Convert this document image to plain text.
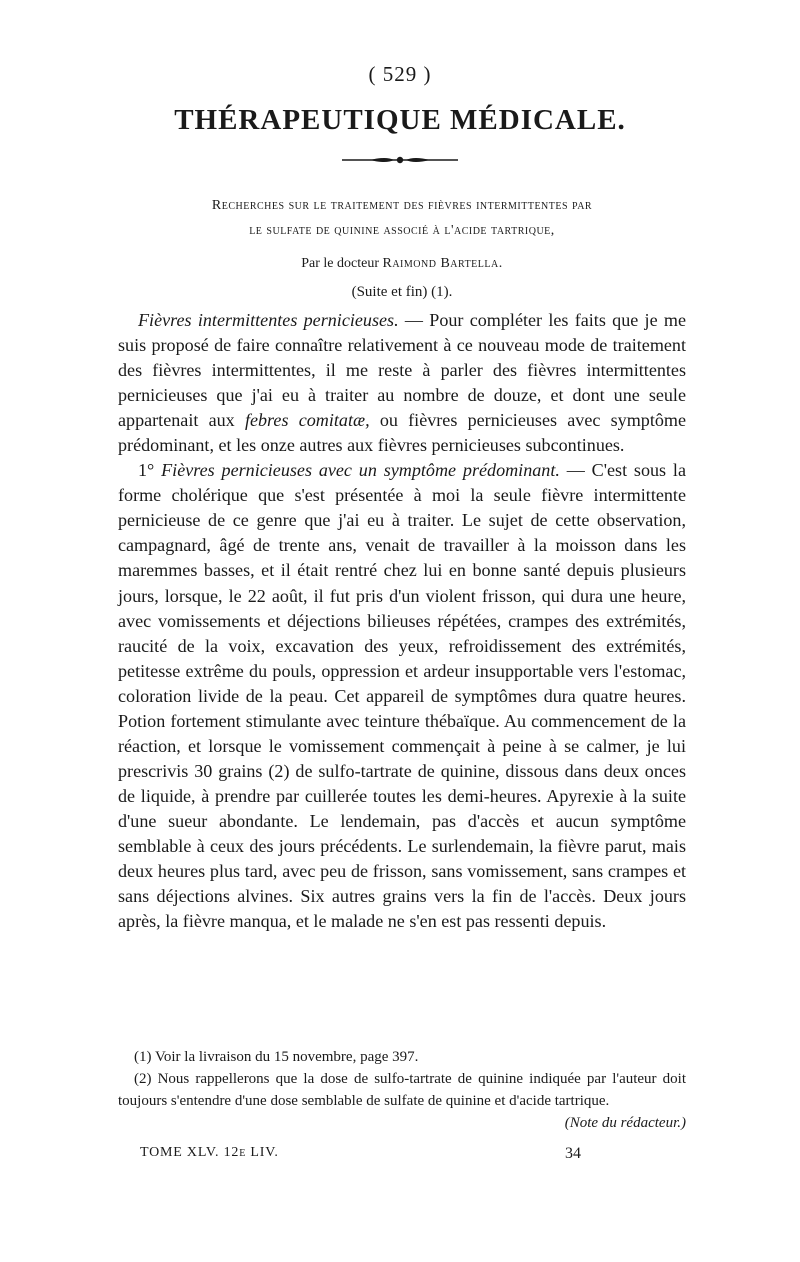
( 529 )
THÉRAPEUTIQUE MÉDICALE.
Recherches sur le traitement des fièvres intermittentes par
le sulfate de quinine associé à l'acide tartrique,
Par le docteur Raimond Bartella.
(Suite et fin) (1).

Fièvres intermittentes pernicieuses. — Pour compléter les faits que je me suis proposé de faire connaître relativement à ce nouveau mode de traitement des fièvres intermittentes, il me reste à parler des fièvres intermittentes pernicieuses que j'ai eu à traiter au nombre de douze, et dont une seule appartenait aux febres comitatæ, ou fièvres pernicieuses avec symptôme prédominant, et les onze autres aux fièvres pernicieuses subcontinues.

1° Fièvres pernicieuses avec un symptôme prédominant. — C'est sous la forme cholérique que s'est présentée à moi la seule fièvre intermittente pernicieuse de ce genre que j'ai eu à traiter. Le sujet de cette observation, campagnard, âgé de trente ans, venait de travailler à la moisson dans les maremmes basses, et il était rentré chez lui en bonne santé depuis plusieurs jours, lorsque, le 22 août, il fut pris d'un violent frisson, qui dura une heure, avec vomissements et déjections bilieuses répétées, crampes des extrémités, raucité de la voix, excavation des yeux, refroidissement des extrémités, petitesse extrême du pouls, oppression et ardeur insupportable vers l'estomac, coloration livide de la peau. Cet appareil de symptômes dura quatre heures. Potion fortement stimulante avec teinture thébaïque. Au commencement de la réaction, et lorsque le vomissement commençait à peine à se calmer, je lui prescrivis 30 grains (2) de sulfo-tartrate de quinine, dissous dans deux onces de liquide, à prendre par cuillerée toutes les demi-heures. Apyrexie à la suite d'une sueur abondante. Le lendemain, pas d'accès et aucun symptôme semblable à ceux des jours précédents. Le surlendemain, la fièvre parut, mais deux heures plus tard, avec peu de frisson, sans vomissement, sans crampes et sans déjections alvines. Six autres grains vers la fin de l'accès. Deux jours après, la fièvre manqua, et le malade ne s'en est pas ressenti depuis.

(1) Voir la livraison du 15 novembre, page 397.

(2) Nous rappellerons que la dose de sulfo-tartrate de quinine indiquée par l'auteur doit toujours s'entendre d'une dose semblable de sulfate de quinine et d'acide tartrique.
(Note du rédacteur.)

TOME XLV. 12e LIV.	34
